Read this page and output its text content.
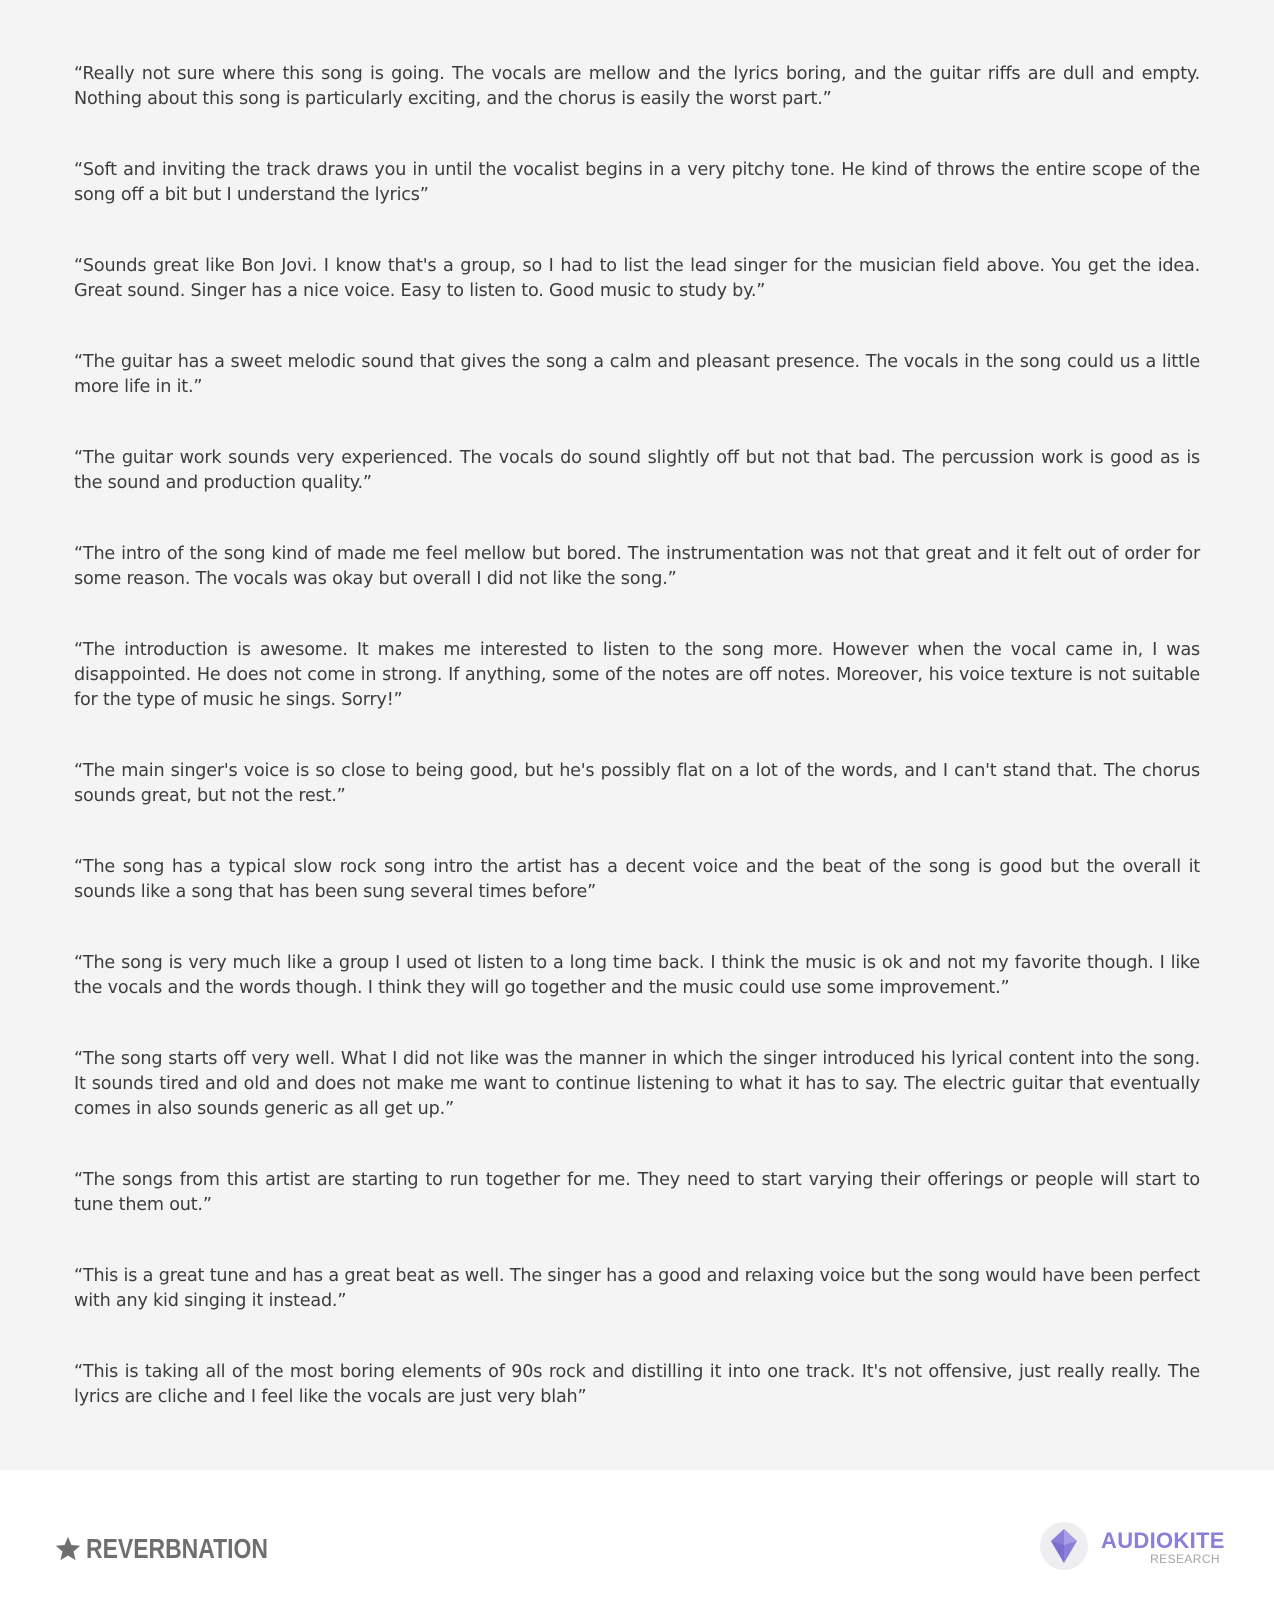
“Really not sure where this song is going. The vocals are mellow and the lyrics boring, and the guitar riffs are dull and empty. Nothing about this song is particularly exciting, and the chorus is easily the worst part.”
“Soft and inviting the track draws you in until the vocalist begins in a very pitchy tone. He kind of throws the entire scope of the song off a bit but I understand the lyrics”
“Sounds great like Bon Jovi. I know that's a group, so I had to list the lead singer for the musician field above. You get the idea. Great sound. Singer has a nice voice. Easy to listen to. Good music to study by.”
“The guitar has a sweet melodic sound that gives the song a calm and pleasant presence. The vocals in the song could us a little more life in it.”
“The guitar work sounds very experienced. The vocals do sound slightly off but not that bad. The percussion work is good as is the sound and production quality.”
“The intro of the song kind of made me feel mellow but bored. The instrumentation was not that great and it felt out of order for some reason. The vocals was okay but overall I did not like the song.”
“The introduction is awesome. It makes me interested to listen to the song more. However when the vocal came in, I was disappointed. He does not come in strong. If anything, some of the notes are off notes. Moreover, his voice texture is not suitable for the type of music he sings. Sorry!”
“The main singer's voice is so close to being good, but he's possibly flat on a lot of the words, and I can't stand that. The chorus sounds great, but not the rest.”
“The song has a typical slow rock song intro the artist has a decent voice and the beat of the song is good but the overall it sounds like a song that has been sung several times before”
“The song is very much like a group I used ot listen to a long time back. I think the music is ok and not my favorite though. I like the vocals and the words though. I think they will go together and the music could use some improvement.”
“The song starts off very well. What I did not like was the manner in which the singer introduced his lyrical content into the song. It sounds tired and old and does not make me want to continue listening to what it has to say. The electric guitar that eventually comes in also sounds generic as all get up.”
“The songs from this artist are starting to run together for me. They need to start varying their offerings or people will start to tune them out.”
“This is a great tune and has a great beat as well. The singer has a good and relaxing voice but the song would have been perfect with any kid singing it instead.”
“This is taking all of the most boring elements of 90s rock and distilling it into one track. It's not offensive, just really really. The lyrics are cliche and I feel like the vocals are just very blah”
REVERBNATION	AUDIOKITE
RESEARCH
